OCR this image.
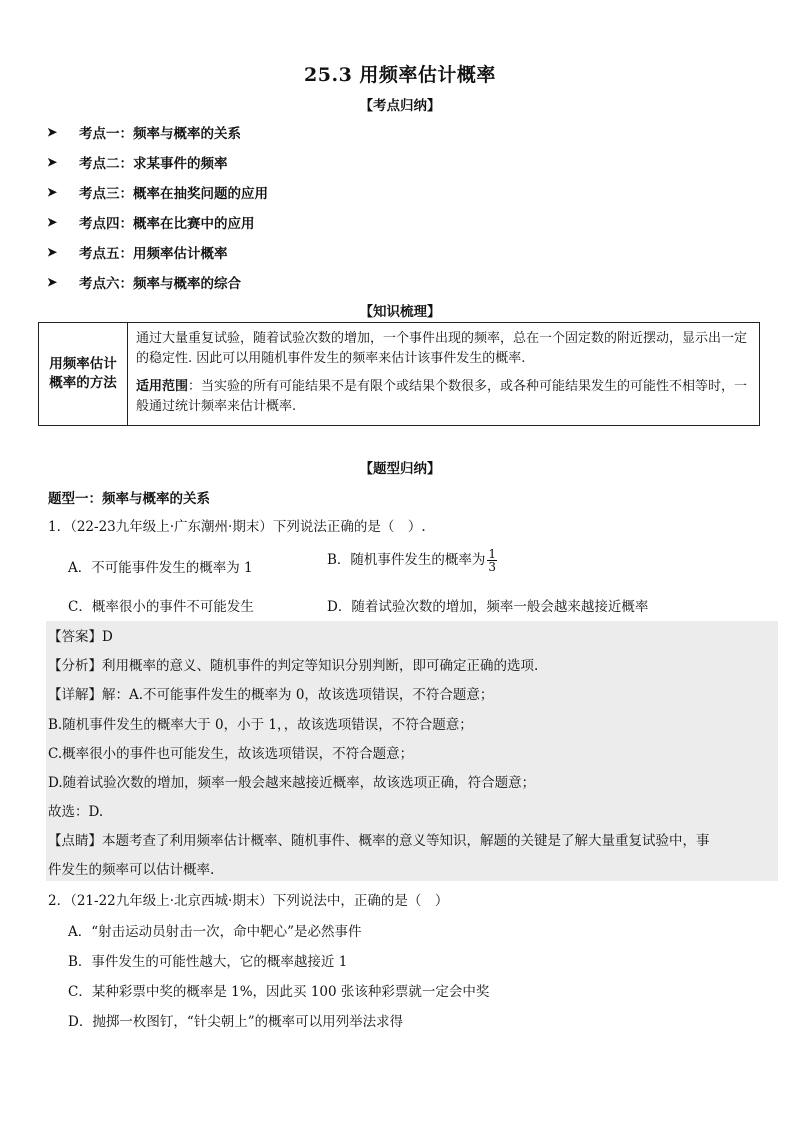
25.3 用频率估计概率
【考点归纳】
➤	考点一：频率与概率的关系
➤	考点二：求某事件的频率
➤	考点三：概率在抽奖问题的应用
➤	考点四：概率在比赛中的应用
➤	考点五：用频率估计概率
➤	考点六：频率与概率的综合
【知识梳理】
用频率估计
概率的方法

通过大量重复试验，随着试验次数的增加，一个事件出现的频率，总在一个固定数的附近摆动，显示出一定的稳定性. 因此可以用随机事件发生的频率来估计该事件发生的概率.

适用范围：当实验的所有可能结果不是有限个或结果个数很多，或各种可能结果发生的可能性不相等时，一般通过统计频率来估计概率.

【题型归纳】
题型一：频率与概率的关系
1．（22-23九年级上·广东潮州·期末）下列说法正确的是（　）.
A．不可能事件发生的概率为 1	B．随机事件发生的概率为 $\frac{1}{3}$
C．概率很小的事件不可能发生	D．随着试验次数的增加，频率一般会越来越接近概率
【答案】D
【分析】利用概率的意义、随机事件的判定等知识分别判断，即可确定正确的选项.
【详解】解：A.不可能事件发生的概率为 0，故该选项错误，不符合题意；
B.随机事件发生的概率大于 0，小于 1，，故该选项错误，不符合题意；
C.概率很小的事件也可能发生，故该选项错误，不符合题意；
D.随着试验次数的增加，频率一般会越来越接近概率，故该选项正确，符合题意；
故选：D.
【点睛】本题考查了利用频率估计概率、随机事件、概率的意义等知识，解题的关键是了解大量重复试验中，事
件发生的频率可以估计概率.
2．（21-22九年级上·北京西城·期末）下列说法中，正确的是（　）
A．“射击运动员射击一次，命中靶心”是必然事件
B．事件发生的可能性越大，它的概率越接近 1
C．某种彩票中奖的概率是 1%，因此买 100 张该种彩票就一定会中奖
D．抛掷一枚图钉，“针尖朝上”的概率可以用列举法求得
